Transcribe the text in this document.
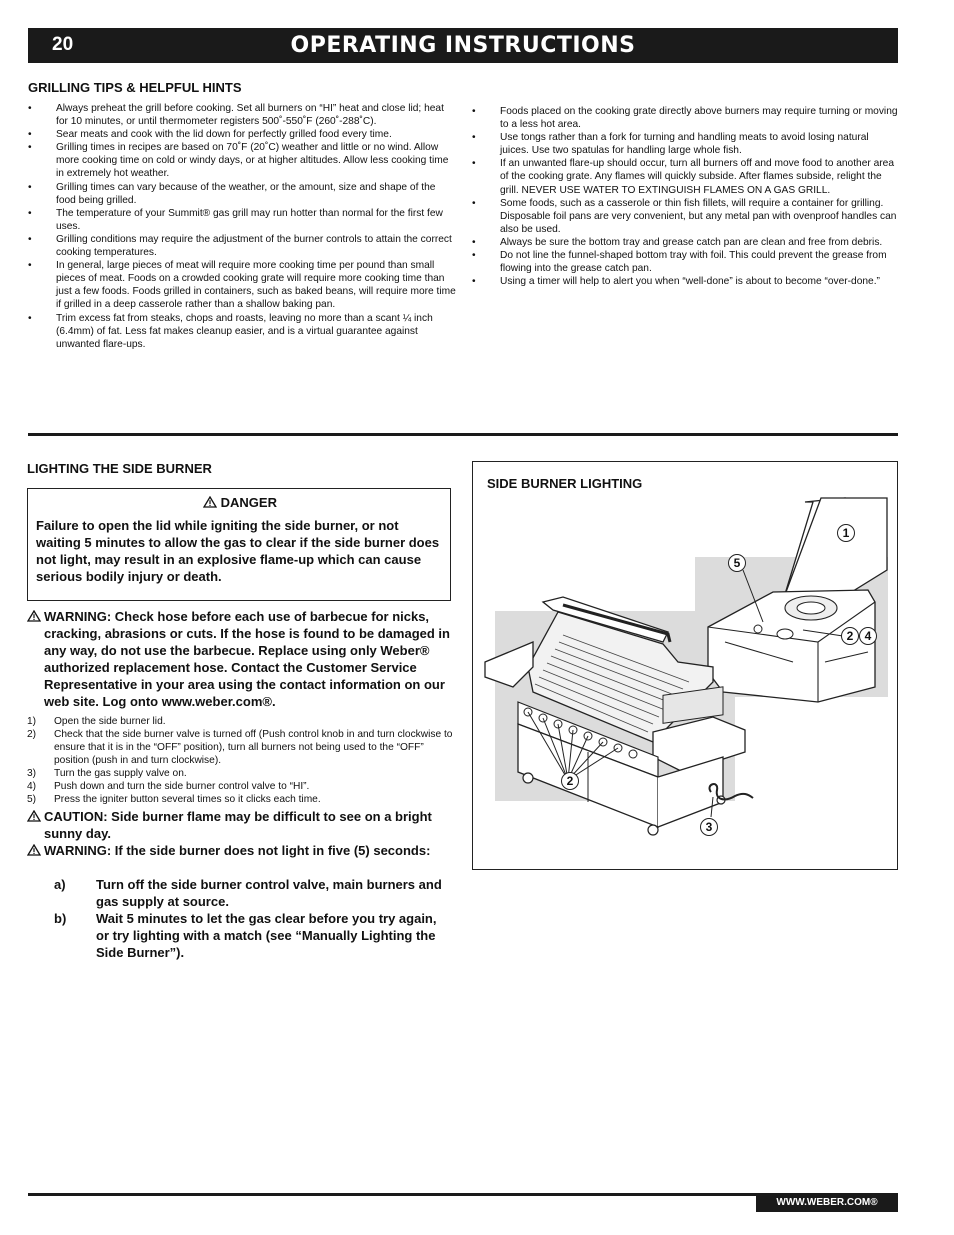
20	OPERATING INSTRUCTIONS
GRILLING TIPS & HELPFUL HINTS
• Always preheat the grill before cooking. Set all burners on “HI” heat and close lid; heat for 10 minutes, or until thermometer registers 500˚-550˚F (260˚-288˚C).
• Sear meats and cook with the lid down for perfectly grilled food every time.
• Grilling times in recipes are based on 70˚F (20˚C) weather and little or no wind. Allow more cooking time on cold or windy days, or at higher altitudes. Allow less cooking time in extremely hot weather.
• Grilling times can vary because of the weather, or the amount, size and shape of the food being grilled.
• The temperature of your Summit® gas grill may run hotter than normal for the first few uses.
• Grilling conditions may require the adjustment of the burner controls to attain the correct cooking temperatures.
• In general, large pieces of meat will require more cooking time per pound than small pieces of meat. Foods on a crowded cooking grate will require more cooking time than just a few foods. Foods grilled in containers, such as baked beans, will require more time if grilled in a deep casserole rather than a shallow baking pan.
• Trim excess fat from steaks, chops and roasts, leaving no more than a scant ¼ inch (6.4mm) of fat. Less fat makes cleanup easier, and is a virtual guarantee against unwanted flare-ups.
• Foods placed on the cooking grate directly above burners may require turning or moving to a less hot area.
• Use tongs rather than a fork for turning and handling meats to avoid losing natural juices. Use two spatulas for handling large whole fish.
• If an unwanted flare-up should occur, turn all burners off and move food to another area of the cooking grate. Any flames will quickly subside. After flames subside, relight the grill. NEVER USE WATER TO EXTINGUISH FLAMES ON A GAS GRILL.
• Some foods, such as a casserole or thin fish fillets, will require a container for grilling. Disposable foil pans are very convenient, but any metal pan with ovenproof handles can also be used.
• Always be sure the bottom tray and grease catch pan are clean and free from debris.
• Do not line the funnel-shaped bottom tray with foil. This could prevent the grease from flowing into the grease catch pan.
• Using a timer will help to alert you when “well-done” is about to become “over-done.”
LIGHTING THE SIDE BURNER
DANGER
Failure to open the lid while igniting the side burner, or not waiting 5 minutes to allow the gas to clear if the side burner does not light, may result in an explosive flame-up which can cause serious bodily injury or death.
WARNING: Check hose before each use of barbecue for nicks, cracking, abrasions or cuts. If the hose is found to be damaged in any way, do not use the barbecue. Replace using only Weber® authorized replacement hose. Contact the Customer Service Representative in your area using the contact information on our web site. Log onto www.weber.com®.
1) Open the side burner lid.
2) Check that the side burner valve is turned off (Push control knob in and turn clockwise to ensure that it is in the “OFF” position), turn all burners not being used to the “OFF” position (push in and turn clockwise).
3) Turn the gas supply valve on.
4) Push down and turn the side burner control valve to “HI”.
5) Press the igniter button several times so it clicks each time.
CAUTION: Side burner flame may be difficult to see on a bright sunny day.
WARNING: If the side burner does not light in five (5) seconds:
a) Turn off the side burner control valve, main burners and gas supply at source.
b) Wait 5 minutes to let the gas clear before you try again, or try lighting with a match (see “Manually Lighting the Side Burner”).
SIDE BURNER LIGHTING
1
5
2 4
2
3
WWW.WEBER.COM®
